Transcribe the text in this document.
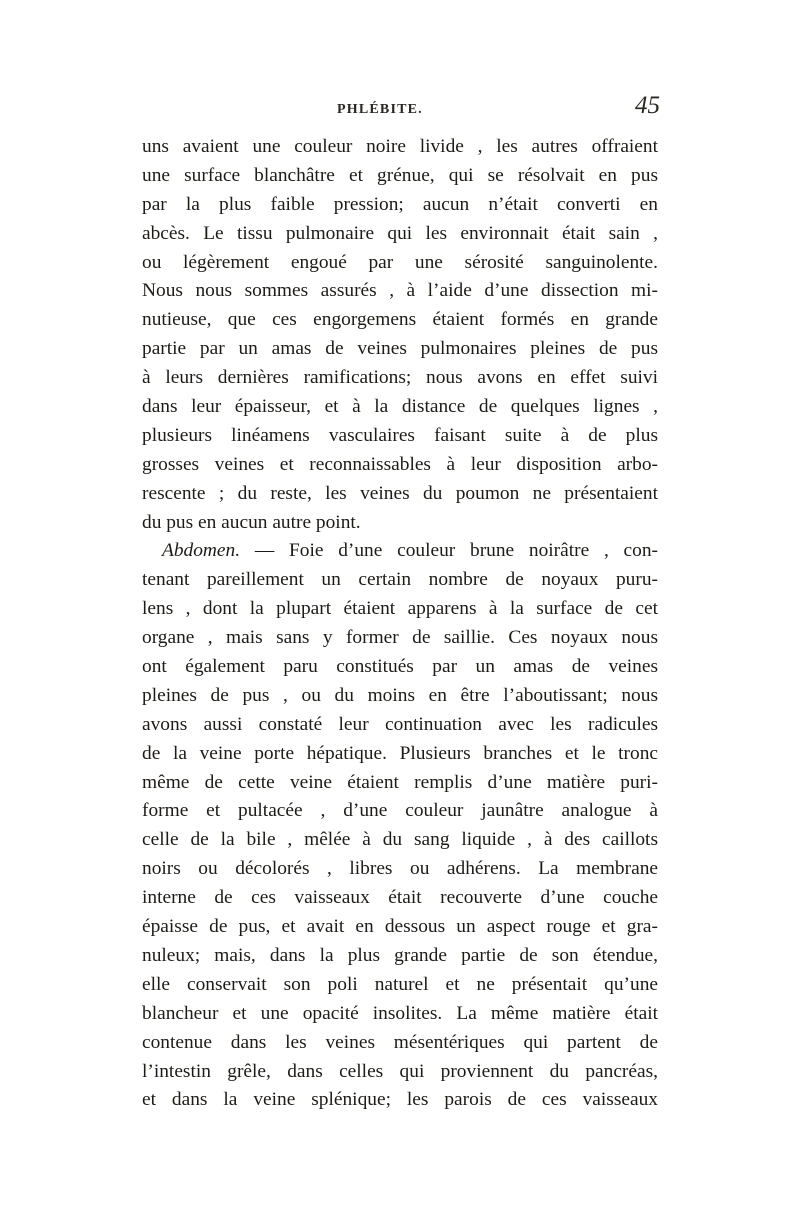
PHLÉBITE.	45
uns avaient une couleur noire livide , les autres offraient
une surface blanchâtre et grénue, qui se résolvait en pus
par la plus faible pression; aucun n’était converti en
abcès. Le tissu pulmonaire qui les environnait était sain ,
ou légèrement engoué par une sérosité sanguinolente.
Nous nous sommes assurés , à l’aide d’une dissection mi-
nutieuse, que ces engorgemens étaient formés en grande
partie par un amas de veines pulmonaires pleines de pus
à leurs dernières ramifications; nous avons en effet suivi
dans leur épaisseur, et à la distance de quelques lignes ,
plusieurs linéamens vasculaires faisant suite à de plus
grosses veines et reconnaissables à leur disposition arbo-
rescente ; du reste, les veines du poumon ne présentaient
du pus en aucun autre point.
Abdomen. — Foie d’une couleur brune noirâtre , con-
tenant pareillement un certain nombre de noyaux puru-
lens , dont la plupart étaient apparens à la surface de cet
organe , mais sans y former de saillie. Ces noyaux nous
ont également paru constitués par un amas de veines
pleines de pus , ou du moins en être l’aboutissant; nous
avons aussi constaté leur continuation avec les radicules
de la veine porte hépatique. Plusieurs branches et le tronc
même de cette veine étaient remplis d’une matière puri-
forme et pultacée , d’une couleur jaunâtre analogue à
celle de la bile , mêlée à du sang liquide , à des caillots
noirs ou décolorés , libres ou adhérens. La membrane
interne de ces vaisseaux était recouverte d’une couche
épaisse de pus, et avait en dessous un aspect rouge et gra-
nuleux; mais, dans la plus grande partie de son étendue,
elle conservait son poli naturel et ne présentait qu’une
blancheur et une opacité insolites. La même matière était
contenue dans les veines mésentériques qui partent de
l’intestin grêle, dans celles qui proviennent du pancréas,
et dans la veine splénique; les parois de ces vaisseaux
